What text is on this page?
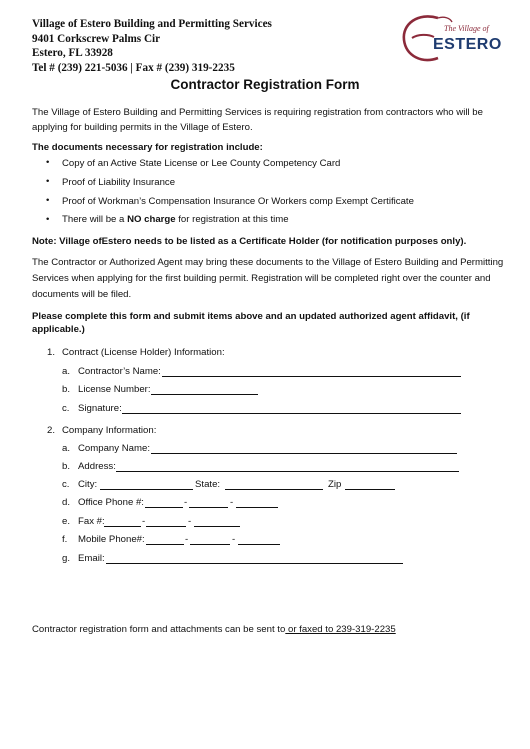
Village of Estero Building and Permitting Services
9401 Corkscrew Palms Cir
Estero, FL 33928
Tel # (239) 221-5036 | Fax # (239) 319-2235
The Village of
ESTERO
Contractor Registration Form
The Village of Estero Building and Permitting Services is requiring registration from contractors who will be
applying for building permits in the Village of Estero.
The documents necessary for registration include:
• Copy of an Active State License or Lee County Competency Card
• Proof of Liability Insurance
• Proof of Workman’s Compensation Insurance Or Workers comp Exempt Certificate
• There will be a NO charge for registration at this time
Note: Village ofEstero needs to be listed as a Certificate Holder (for notification purposes only).
The Contractor or Authorized Agent may bring these documents to the Village of Estero Building and Permitting
Services when applying for the first building permit. Registration will be completed right over the counter and
documents will be filed.
Please complete this form and submit items above and an updated authorized agent affidavit, (if
applicable.)
1. Contract (License Holder) Information:
a. Contractor’s Name:
b. License Number:
c. Signature:
2. Company Information:
a. Company Name:
b. Address:
c. City:	State:	Zip
d. Office Phone #:	-	-
e. Fax #:	-	-
f. Mobile Phone#:	-	-
g. Email:
Contractor registration form and attachments can be sent to or faxed to 239-319-2235
